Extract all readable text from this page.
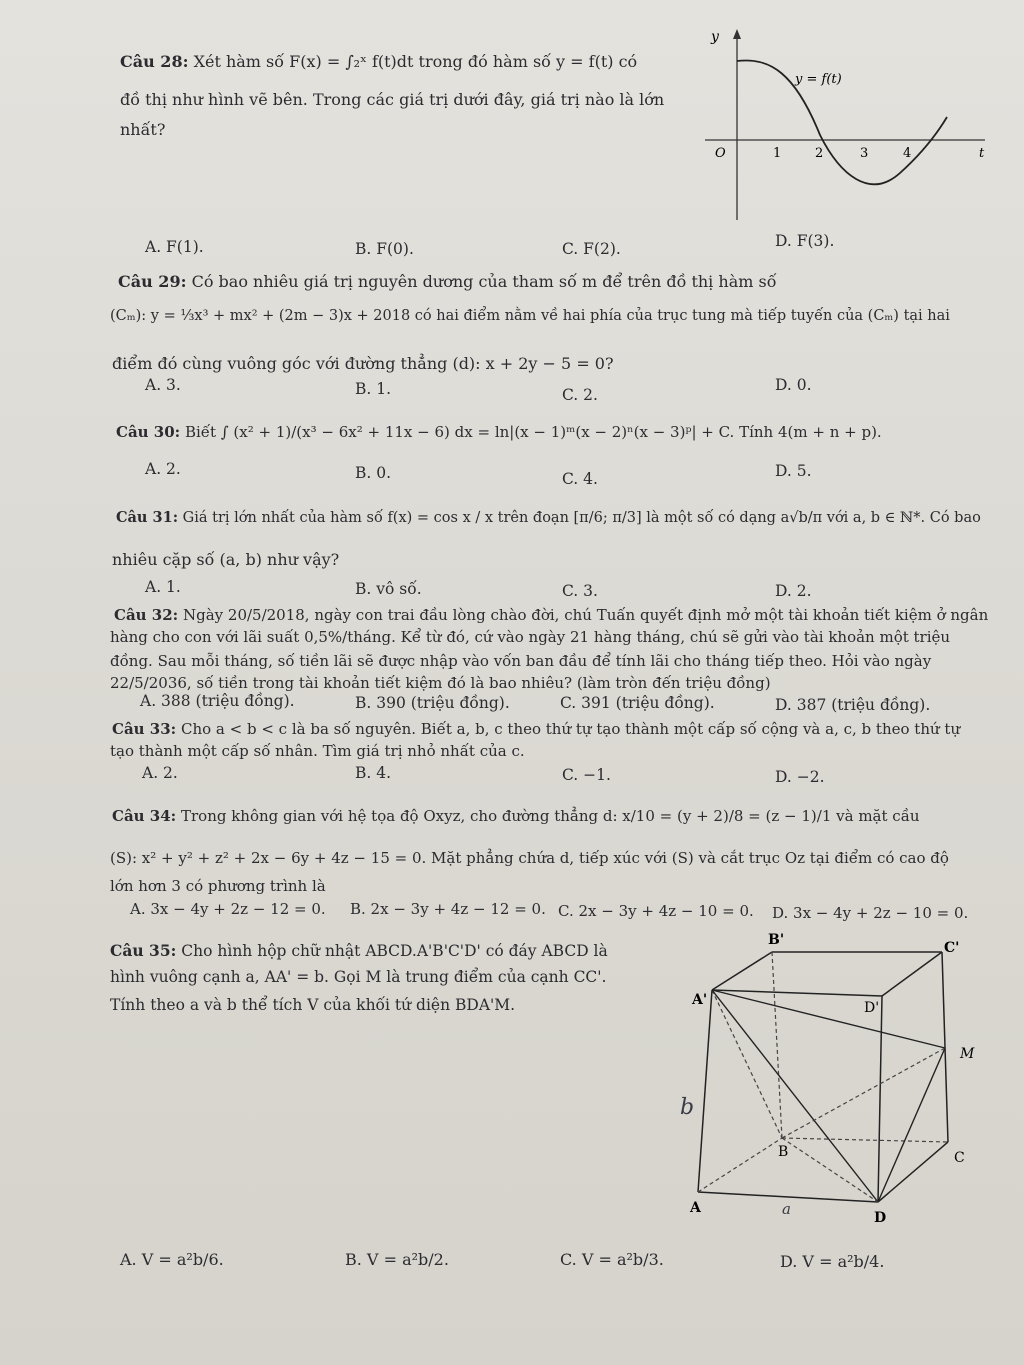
Câu 28: Xét hàm số F(x) = ∫₂ˣ f(t)dt trong đó hàm số y = f(t) có
đồ thị như hình vẽ bên. Trong các giá trị dưới đây, giá trị nào là lớn
nhất?
y
y = f(t)
O	1	2	3	4	t
A. F(1).	B. F(0).	C. F(2).	D. F(3).
Câu 29: Có bao nhiêu giá trị nguyên dương của tham số m để trên đồ thị hàm số
(Cₘ): y = ⅓x³ + mx² + (2m − 3)x + 2018 có hai điểm nằm về hai phía của trục tung mà tiếp tuyến của (Cₘ) tại hai
điểm đó cùng vuông góc với đường thẳng (d): x + 2y − 5 = 0?
A. 3.	B. 1.	C. 2.
D. 0.
Câu 30: Biết ∫ (x² + 1)/(x³ − 6x² + 11x − 6) dx = ln|(x − 1)ᵐ(x − 2)ⁿ(x − 3)ᵖ| + C. Tính 4(m + n + p).
A. 2.	B. 0.	C. 4.	D. 5.
Câu 31: Giá trị lớn nhất của hàm số f(x) = cos x / x trên đoạn [π/6; π/3] là một số có dạng a√b/π với a, b ∈ ℕ*. Có bao
nhiêu cặp số (a, b) như vậy?
A. 1.	B. vô số.	C. 3.	D. 2.
Câu 32: Ngày 20/5/2018, ngày con trai đầu lòng chào đời, chú Tuấn quyết định mở một tài khoản tiết kiệm ở ngân
hàng cho con với lãi suất 0,5%/tháng. Kể từ đó, cứ vào ngày 21 hàng tháng, chú sẽ gửi vào tài khoản một triệu
đồng. Sau mỗi tháng, số tiền lãi sẽ được nhập vào vốn ban đầu để tính lãi cho tháng tiếp theo. Hỏi vào ngày
22/5/2036, số tiền trong tài khoản tiết kiệm đó là bao nhiêu? (làm tròn đến triệu đồng)
A. 388 (triệu đồng).	B. 390 (triệu đồng).	C. 391 (triệu đồng).	D. 387 (triệu đồng).
Câu 33: Cho a < b < c là ba số nguyên. Biết a, b, c theo thứ tự tạo thành một cấp số cộng và a, c, b theo thứ tự
tạo thành một cấp số nhân. Tìm giá trị nhỏ nhất của c.
A. 2.	B. 4.	C. −1.	D. −2.
Câu 34: Trong không gian với hệ tọa độ Oxyz, cho đường thẳng d: x/10 = (y + 2)/8 = (z − 1)/1 và mặt cầu
(S): x² + y² + z² + 2x − 6y + 4z − 15 = 0. Mặt phẳng chứa d, tiếp xúc với (S) và cắt trục Oz tại điểm có cao độ
lớn hơn 3 có phương trình là
A. 3x − 4y + 2z − 12 = 0. B. 2x − 3y + 4z − 12 = 0. C. 2x − 3y + 4z − 10 = 0. D. 3x − 4y + 2z − 10 = 0.
Câu 35: Cho hình hộp chữ nhật ABCD.A'B'C'D' có đáy ABCD là
hình vuông cạnh a, AA' = b. Gọi M là trung điểm của cạnh CC'.
Tính theo a và b thể tích V của khối tứ diện BDA'M.
B'	C'
A'	D'
M
B	C
A
D
b
a
A. V = a²b/6.	B. V = a²b/2.	C. V = a²b/3.	D. V = a²b/4.
